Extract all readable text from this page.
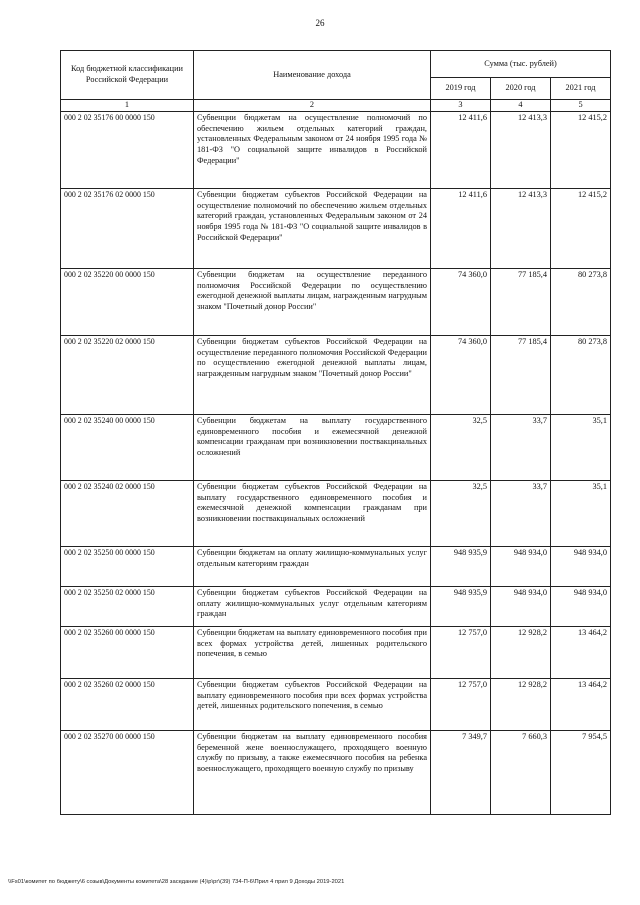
26
Код бюджетной классификации Российской Федерации	Наименование дохода	Сумма (тыс. рублей)		
		2019 год	2020 год	2021 год
1	2	3	4	5
000 2 02 35176 00 0000 150	Субвенции бюджетам на осуществление полномочий по обеспечению жильем отдельных категорий граждан, установленных Федеральным законом от 24 ноября 1995 года № 181-ФЗ "О социальной защите инвалидов в Российской Федерации"	12 411,6	12 413,3	12 415,2
000 2 02 35176 02 0000 150	Субвенции бюджетам субъектов Российской Федерации на осуществление полномочий по обеспечению жильем отдельных категорий граждан, установленных Федеральным законом от 24 ноября 1995 года № 181-ФЗ "О социальной защите инвалидов в Российской Федерации"	12 411,6	12 413,3	12 415,2
000 2 02 35220 00 0000 150	Субвенции бюджетам на осуществление переданного полномочия Российской Федерации по осуществлению ежегодной денежной выплаты лицам, награжденным нагрудным знаком "Почетный донор России"	74 360,0	77 185,4	80 273,8
000 2 02 35220 02 0000 150	Субвенции бюджетам субъектов Российской Федерации на осуществление переданного полномочия Российской Федерации по осуществлению ежегодной денежной выплаты лицам, награжденным нагрудным знаком "Почетный донор России"	74 360,0	77 185,4	80 273,8
000 2 02 35240 00 0000 150	Субвенции бюджетам на выплату государственного единовременного пособия и ежемесячной денежной компенсации гражданам при возникновении поствакцинальных осложнений	32,5	33,7	35,1
000 2 02 35240 02 0000 150	Субвенции бюджетам субъектов Российской Федерации на выплату государственного единовременного пособия и ежемесячной денежной компенсации гражданам при возникновении поствакцинальных осложнений	32,5	33,7	35,1
000 2 02 35250 00 0000 150	Субвенции бюджетам на оплату жилищно-коммунальных услуг отдельным категориям граждан	948 935,9	948 934,0	948 934,0
000 2 02 35250 02 0000 150	Субвенции бюджетам субъектов Российской Федерации на оплату жилищно-коммунальных услуг отдельным категориям граждан	948 935,9	948 934,0	948 934,0
000 2 02 35260 00 0000 150	Субвенции бюджетам на выплату единовременного пособия при всех формах устройства детей, лишенных родительского попечения, в семью	12 757,0	12 928,2	13 464,2
000 2 02 35260 02 0000 150	Субвенции бюджетам субъектов Российской Федерации на выплату единовременного пособия при всех формах устройства детей, лишенных родительского попечения, в семью	12 757,0	12 928,2	13 464,2
000 2 02 35270 00 0000 150	Субвенции бюджетам на выплату единовременного пособия беременной жене военнослужащего, проходящего военную службу по призыву, а также ежемесячного пособия на ребенка военнослужащего, проходящего военную службу по призыву	7 349,7	7 660,3	7 954,5
\\Fs01\комитет по бюджету\6 созыв\Документы комитета\28 заседание (4)\р\рг\(39) 734-П-6\Прил 4 прил 9 Доходы 2019-2021
